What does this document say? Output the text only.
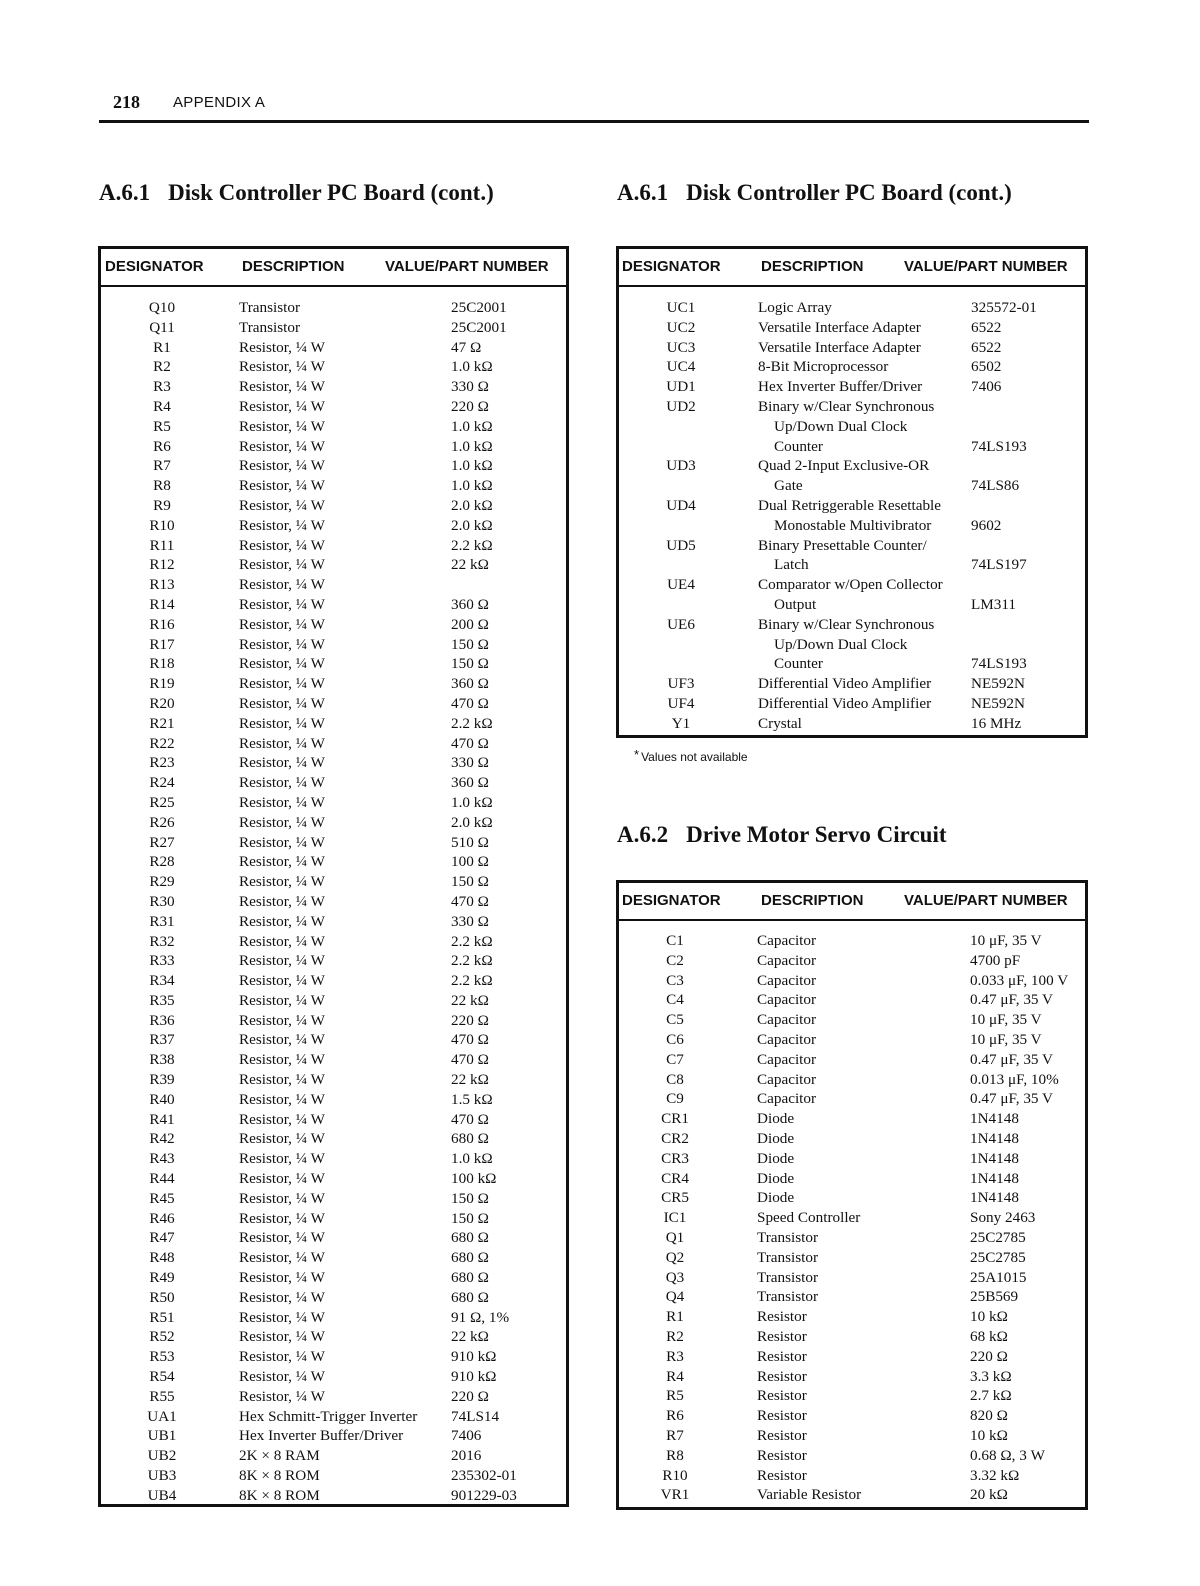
218 APPENDIX A
A.6.1 Disk Controller PC Board (cont.)	A.6.1 Disk Controller PC Board (cont.)
DESIGNATOR	DESCRIPTION	VALUE/PART NUMBER
Q10	Transistor	25C2001
Q11	Transistor	25C2001
R1	Resistor, ¼ W	47 Ω
R2	Resistor, ¼ W	1.0 kΩ
R3	Resistor, ¼ W	330 Ω
R4	Resistor, ¼ W	220 Ω
R5	Resistor, ¼ W	1.0 kΩ
R6	Resistor, ¼ W	1.0 kΩ
R7	Resistor, ¼ W	1.0 kΩ
R8	Resistor, ¼ W	1.0 kΩ
R9	Resistor, ¼ W	2.0 kΩ
R10	Resistor, ¼ W	2.0 kΩ
R11	Resistor, ¼ W	2.2 kΩ
R12	Resistor, ¼ W	22 kΩ
R13	Resistor, ¼ W
R14	Resistor, ¼ W	360 Ω
R16	Resistor, ¼ W	200 Ω
R17	Resistor, ¼ W	150 Ω
R18	Resistor, ¼ W	150 Ω
R19	Resistor, ¼ W	360 Ω
R20	Resistor, ¼ W	470 Ω
R21	Resistor, ¼ W	2.2 kΩ
R22	Resistor, ¼ W	470 Ω
R23	Resistor, ¼ W	330 Ω
R24	Resistor, ¼ W	360 Ω
R25	Resistor, ¼ W	1.0 kΩ
R26	Resistor, ¼ W	2.0 kΩ
R27	Resistor, ¼ W	510 Ω
R28	Resistor, ¼ W	100 Ω
R29	Resistor, ¼ W	150 Ω
R30	Resistor, ¼ W	470 Ω
R31	Resistor, ¼ W	330 Ω
R32	Resistor, ¼ W	2.2 kΩ
R33	Resistor, ¼ W	2.2 kΩ
R34	Resistor, ¼ W	2.2 kΩ
R35	Resistor, ¼ W	22 kΩ
R36	Resistor, ¼ W	220 Ω
R37	Resistor, ¼ W	470 Ω
R38	Resistor, ¼ W	470 Ω
R39	Resistor, ¼ W	22 kΩ
R40	Resistor, ¼ W	1.5 kΩ
R41	Resistor, ¼ W	470 Ω
R42	Resistor, ¼ W	680 Ω
R43	Resistor, ¼ W	1.0 kΩ
R44	Resistor, ¼ W	100 kΩ
R45	Resistor, ¼ W	150 Ω
R46	Resistor, ¼ W	150 Ω
R47	Resistor, ¼ W	680 Ω
R48	Resistor, ¼ W	680 Ω
R49	Resistor, ¼ W	680 Ω
R50	Resistor, ¼ W	680 Ω
R51	Resistor, ¼ W	91 Ω, 1%
R52	Resistor, ¼ W	22 kΩ
R53	Resistor, ¼ W	910 kΩ
R54	Resistor, ¼ W	910 kΩ
R55	Resistor, ¼ W	220 Ω
UA1	Hex Schmitt-Trigger Inverter 74LS14
UB1	Hex Inverter Buffer/Driver	7406
UB2	2K × 8 RAM	2016
UB3	8K × 8 ROM	235302-01
UB4	8K × 8 ROM	901229-03
DESIGNATOR	DESCRIPTION	VALUE/PART NUMBER
UC1	Logic Array	325572-01
UC2	Versatile Interface Adapter	6522
UC3	Versatile Interface Adapter	6522
UC4	8-Bit Microprocessor	6502
UD1	Hex Inverter Buffer/Driver	7406
UD2	Binary w/Clear Synchronous
Up/Down Dual Clock
Counter	74LS193
UD3	Quad 2-Input Exclusive-OR
Gate	74LS86
UD4	Dual Retriggerable Resettable
Monostable Multivibrator	9602
UD5	Binary Presettable Counter/
Latch	74LS197
UE4	Comparator w/Open Collector
Output	LM311
UE6	Binary w/Clear Synchronous
Up/Down Dual Clock
Counter	74LS193
UF3	Differential Video Amplifier	NE592N
UF4	Differential Video Amplifier	NE592N
Y1	Crystal	16 MHz
* Values not available
A.6.2 Drive Motor Servo Circuit
DESIGNATOR	DESCRIPTION	VALUE/PART NUMBER
C1	Capacitor	10 μF, 35 V
C2	Capacitor	4700 pF
C3	Capacitor	0.033 μF, 100 V
C4	Capacitor	0.47 μF, 35 V
C5	Capacitor	10 μF, 35 V
C6	Capacitor	10 μF, 35 V
C7	Capacitor	0.47 μF, 35 V
C8	Capacitor	0.013 μF, 10%
C9	Capacitor	0.47 μF, 35 V
CR1	Diode	1N4148
CR2	Diode	1N4148
CR3	Diode	1N4148
CR4	Diode	1N4148
CR5	Diode	1N4148
IC1	Speed Controller	Sony 2463
Q1	Transistor	25C2785
Q2	Transistor	25C2785
Q3	Transistor	25A1015
Q4	Transistor	25B569
R1	Resistor	10 kΩ
R2	Resistor	68 kΩ
R3	Resistor	220 Ω
R4	Resistor	3.3 kΩ
R5	Resistor	2.7 kΩ
R6	Resistor	820 Ω
R7	Resistor	10 kΩ
R8	Resistor	0.68 Ω, 3 W
R10	Resistor	3.32 kΩ
VR1	Variable Resistor	20 kΩ
